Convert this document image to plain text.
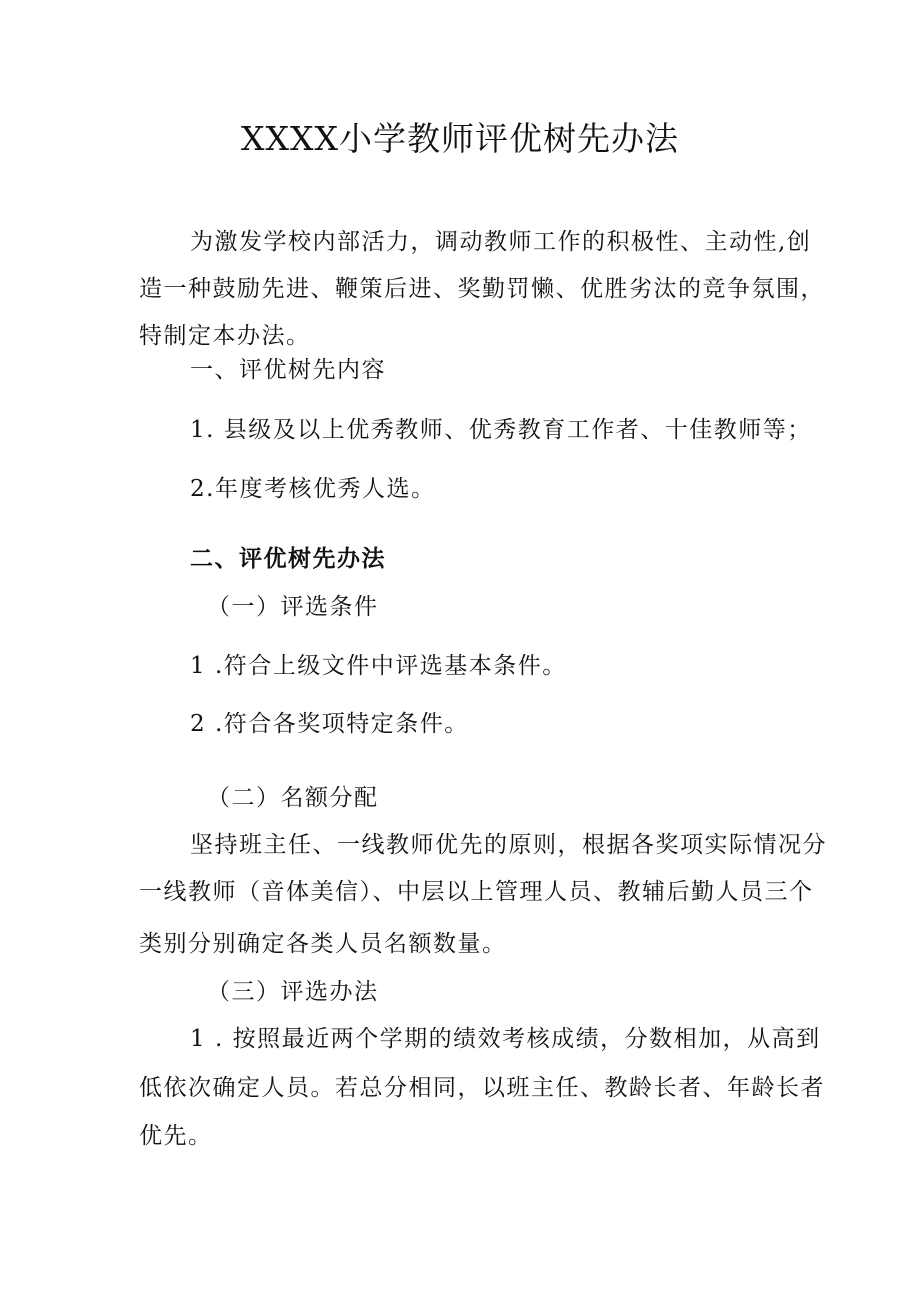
XXXX小学教师评优树先办法
为激发学校内部活力，调动教师工作的积极性、主动性,创
造一种鼓励先进、鞭策后进、奖勤罚懒、优胜劣汰的竞争氛围，
特制定本办法。
一、评优树先内容
1. 县级及以上优秀教师、优秀教育工作者、十佳教师等；
2.年度考核优秀人选。
二、评优树先办法
（一）评选条件
1 .符合上级文件中评选基本条件。
2 .符合各奖项特定条件。
（二）名额分配
坚持班主任、一线教师优先的原则，根据各奖项实际情况分
一线教师（音体美信）、中层以上管理人员、教辅后勤人员三个
类别分别确定各类人员名额数量。
（三）评选办法
1 . 按照最近两个学期的绩效考核成绩，分数相加，从高到
低依次确定人员。若总分相同，以班主任、教龄长者、年龄长者
优先。
